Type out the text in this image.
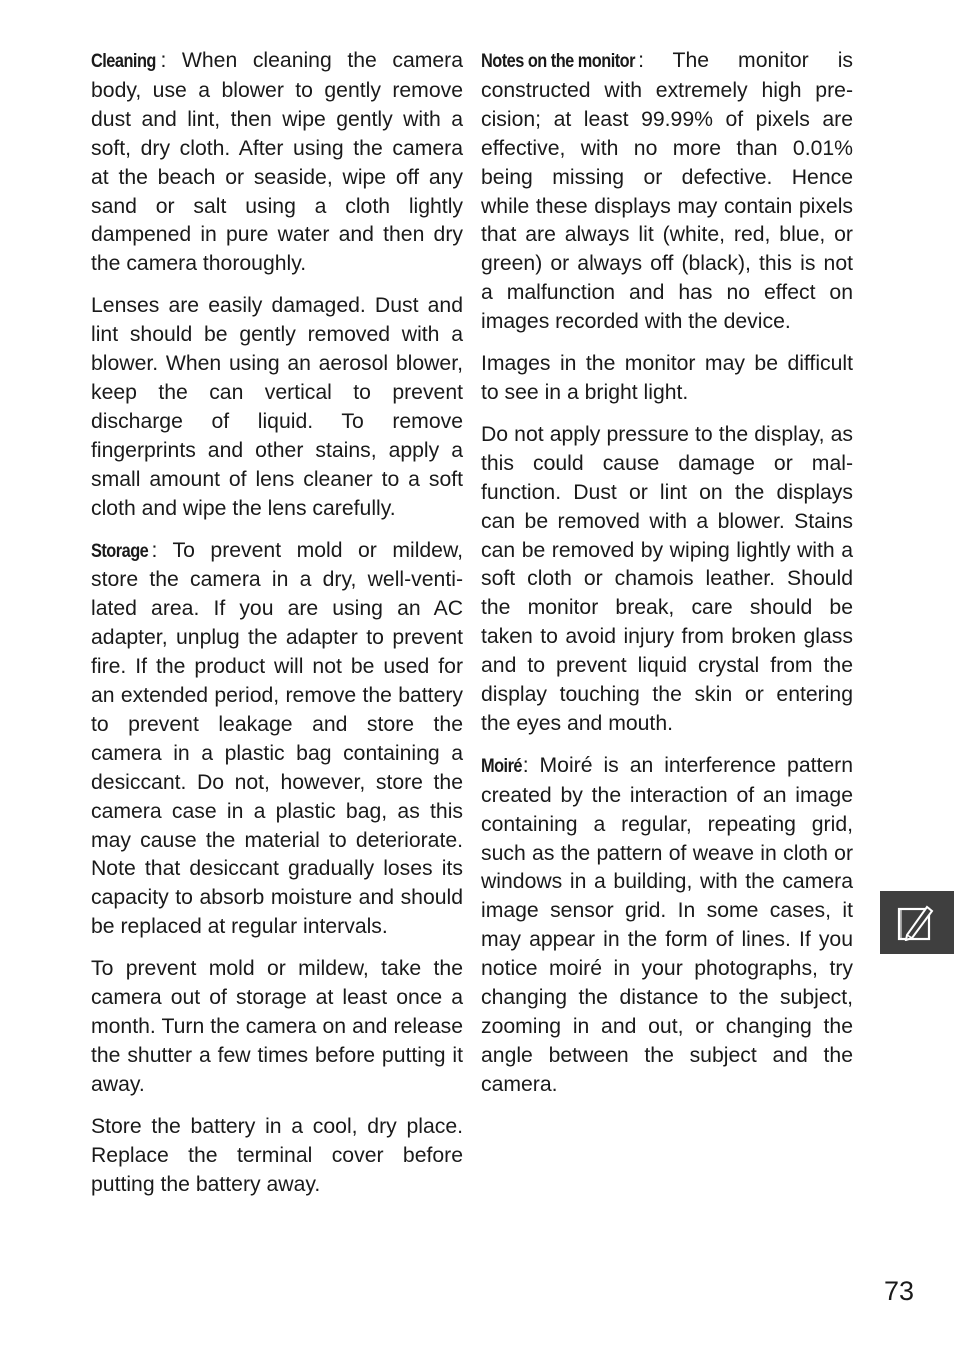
Cleaning : When cleaning the camera body, use a blower to gently remove dust and lint, then wipe gently with a soft, dry cloth. After using the camera at the beach or seaside, wipe off any sand or salt using a cloth lightly dampened in pure water and then dry the camera thoroughly.

Lenses are easily damaged. Dust and lint should be gently removed with a blower. When using an aerosol blower, keep the can vertical to prevent discharge of liquid. To remove fingerprints and other stains, apply a small amount of lens cleaner to a soft cloth and wipe the lens carefully.

Storage : To prevent mold or mildew, store the camera in a dry, well-ventilated area. If you are using an AC adapter, unplug the adapter to prevent fire. If the product will not be used for an extended period, remove the battery to prevent leakage and store the camera in a plastic bag containing a desiccant. Do not, however, store the camera case in a plastic bag, as this may cause the material to deteriorate. Note that desiccant gradually loses its capacity to absorb moisture and should be replaced at regular intervals.

To prevent mold or mildew, take the camera out of storage at least once a month. Turn the camera on and release the shutter a few times before putting it away.

Store the battery in a cool, dry place. Replace the terminal cover before putting the battery away.

Notes on the monitor : The monitor is constructed with extremely high precision; at least 99.99% of pixels are effective, with no more than 0.01% being missing or defective. Hence while these displays may contain pixels that are always lit (white, red, blue, or green) or always off (black), this is not a malfunction and has no effect on images recorded with the device.

Images in the monitor may be difficult to see in a bright light.

Do not apply pressure to the display, as this could cause damage or malfunction. Dust or lint on the displays can be removed with a blower. Stains can be removed by wiping lightly with a soft cloth or chamois leather. Should the monitor break, care should be taken to avoid injury from broken glass and to prevent liquid crystal from the display touching the skin or entering the eyes and mouth.

Moiré: Moiré is an interference pattern created by the interaction of an image containing a regular, repeating grid, such as the pattern of weave in cloth or windows in a building, with the camera image sensor grid. In some cases, it may appear in the form of lines. If you notice moiré in your photographs, try changing the distance to the subject, zooming in and out, or changing the angle between the subject and the camera.

73
